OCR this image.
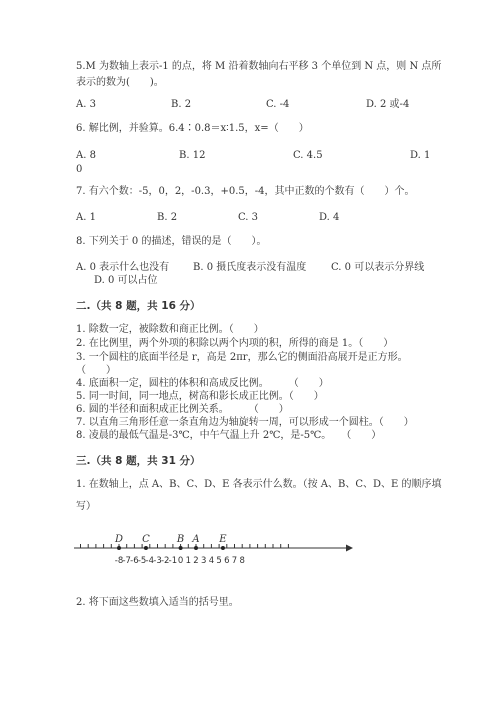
5.M 为数轴上表示-1 的点，将 M 沿着数轴向右平移 3 个单位到 N 点，则 N 点所
表示的数为(　　)。
A. 3	B. 2	C. -4	D. 2 或-4
6. 解比例，并验算。6.4∶0.8＝x∶1.5，x=（　　）
A. 8	B. 12	C. 4.5	D. 1
0
7. 有六个数：-5，0，2，-0.3，+0.5，-4，其中正数的个数有（　　）个。
A. 1	B. 2	C. 3	D. 4
8. 下列关于 0 的描述，错误的是（　　）。
A. 0 表示什么也没有 B. 0 摄氏度表示没有温度 C. 0 可以表示分界线
D. 0 可以占位
二.（共 8 题，共 16 分）
1. 除数一定，被除数和商正比例。（　　）
2. 在比例里，两个外项的积除以两个内项的积，所得的商是 1。（　　）
3. 一个圆柱的底面半径是 r，高是 2πr，那么它的侧面沿高展开是正方形。
（　　）
4. 底面积一定，圆柱的体积和高成反比例。　　　（　　）
5. 同一时间，同一地点，树高和影长成正比例。（　　）
6. 圆的半径和面积成正比例关系。　　　（　　）
7. 以直角三角形任意一条直角边为轴旋转一周，可以形成一个圆柱。（　　）
8. 凌晨的最低气温是-3℃，中午气温上升 2℃，是-5℃。　　（　　）
三.（共 8 题，共 31 分）
1. 在数轴上，点 A、B、C、D、E 各表示什么数。（按 A、B、C、D、E 的顺序填
写）
-8 -7 -6 -5 -4 -3 -2 -1 0 1 2 3 4 5 6 7 8
D C	B A E
2. 将下面这些数填入适当的括号里。
